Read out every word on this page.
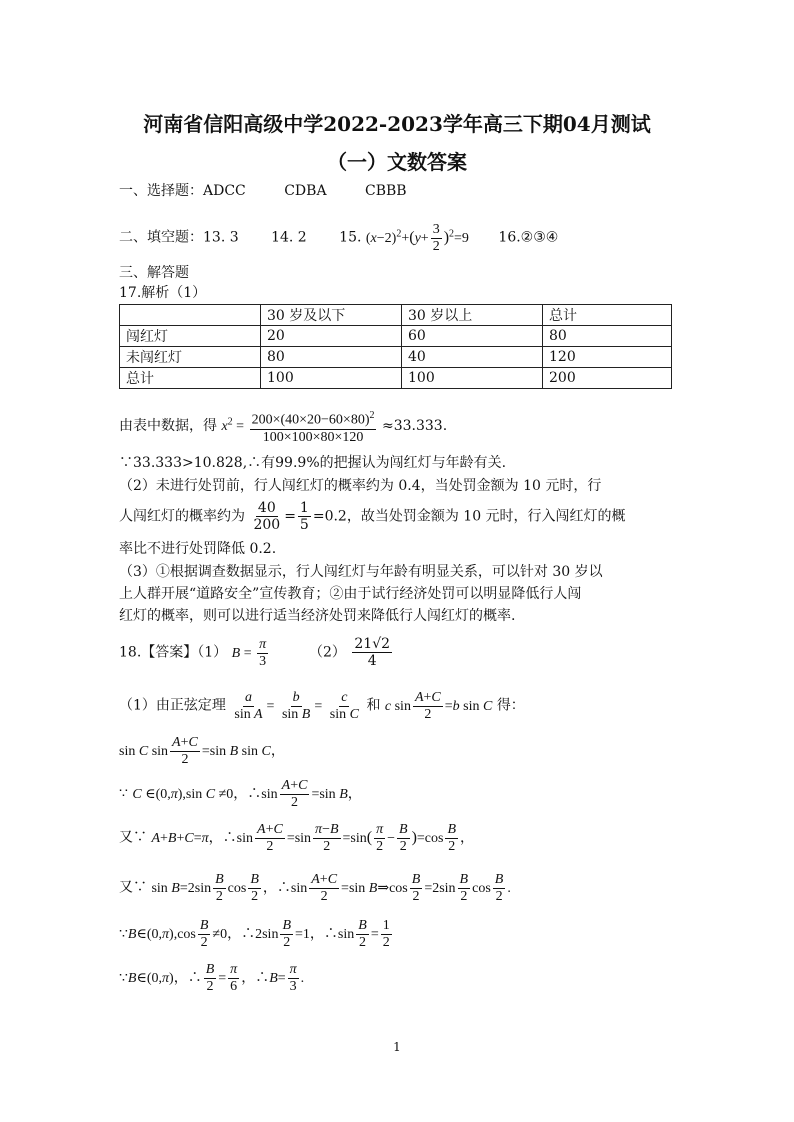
河南省信阳高级中学2022-2023学年高三下期04月测试
（一）文数答案
一、选择题：ADCC	CDBA	CBBB
二、填空题：13. 3 14. 2 15. $(x-2)^2+(y+ \frac{3}{2} )^2=9$ 16.②③④
三、解答题
17.解析（1）
	30 岁及以下	30 岁以上	总计
闯红灯	20	60	80
未闯红灯	80	40	120
总计	100	100	200
由表中数据，得 $x^2 = \frac{200\times(40\times 20-60\times 80)^2}{100\times 100\times 80\times 120} \approx 33.333$.
∵33.333>10.828,∴有99.9%的把握认为闯红灯与年龄有关.
（2）未进行处罚前，行人闯红灯的概率约为 0.4，当处罚金额为 10 元时，行
人闯红灯的概率约为 $\frac{40}{200} = \frac{1}{5} =0.2$，故当处罚金额为 10 元时，行入闯红灯的概
率比不进行处罚降低 0.2.
（3）①根据调查数据显示，行人闯红灯与年龄有明显关系，可以针对 30 岁以
上人群开展“道路安全”宣传教育；②由于试行经济处罚可以明显降低行人闯
红灯的概率，则可以进行适当经济处罚来降低行人闯红灯的概率.
18.【答案】（1） $B = \frac{\pi}{3}$	$(2) \frac{21√2}{4}$
（1）由正弦定理 $\frac{a}{\text{sin A}} = \frac{b}{\text{sin B}} = \frac{c}{\text{sin C}}$ 和 c $\sin \frac{A+C}{2} =b$ sin C 得：
sin C $\sin \frac{A+C}{2} =\sin$ B sin C，
∵ C ∈(0,π),sin C ≠0，∴sin $\frac{A+C}{2} =\sin$ B，
又∵ A+B+C=π，∴sin $\frac{A+C}{2} =\sin \frac{\pi-B}{2} =\sin( \frac{\pi}{2} - \frac{B}{2} )=\cos \frac{B}{2}$ ，
又∵ $\sin B=2\sin \frac{B}{2}$ $\cos \frac{B}{2}$ ，∴sin $\frac{A+C}{2} =\sin$ B⇒cos $\frac{B}{2} =2\sin \frac{B}{2}$ $\cos \frac{B}{2}$ .
∵B∈(0,π),cos $\frac{B}{2} \ne 0$，∴2sin $\frac{B}{2} =1$，∴sin $\frac{B}{2} = \frac{1}{2}$
∵B∈(0,π)，∴ $\frac{B}{2} = \frac{\pi}{6}$ ，∴B= $\frac{\pi}{3}$ .
1
